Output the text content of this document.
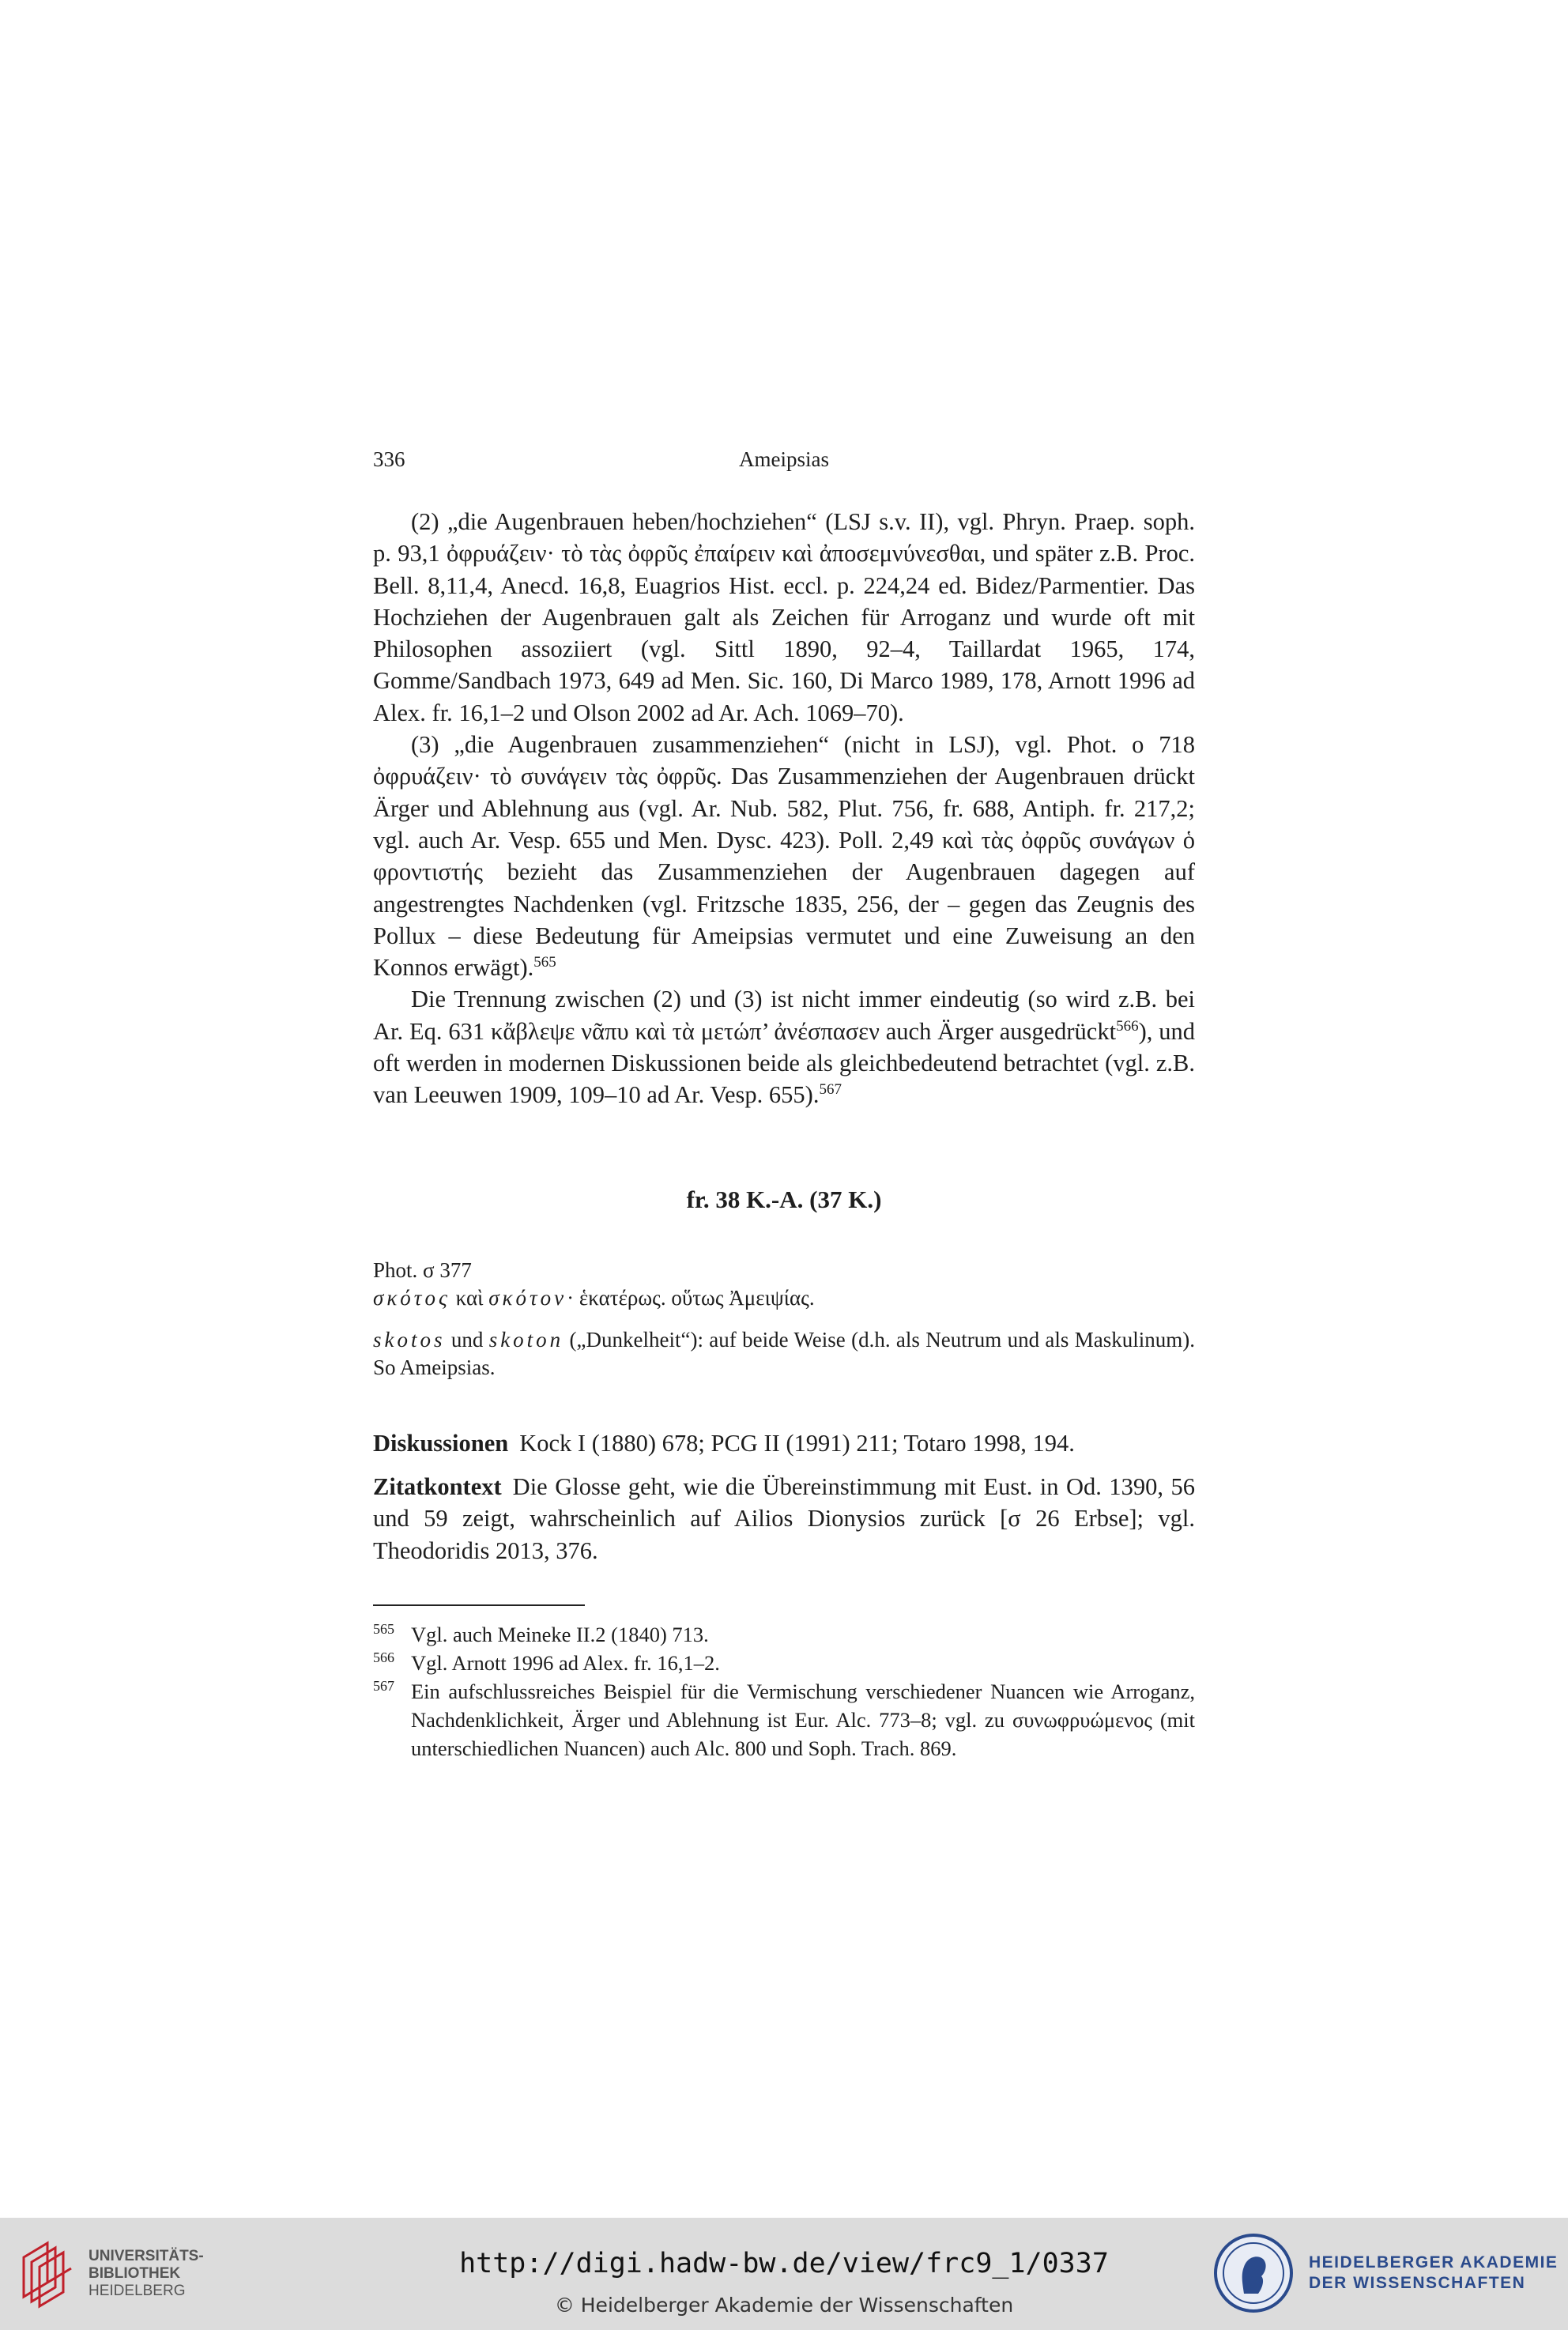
336	Ameipsias

(2) „die Augenbrauen heben/hochziehen“ (LSJ s.v. II), vgl. Phryn. Praep. soph. p. 93,1 ὀφρυάζειν· τὸ τὰς ὀφρῦς ἐπαίρειν καὶ ἀποσεμνύνεσθαι, und später z.B. Proc. Bell. 8,11,4, Anecd. 16,8, Euagrios Hist. eccl. p. 224,24 ed. Bidez/Parmentier. Das Hochziehen der Augenbrauen galt als Zeichen für Arroganz und wurde oft mit Philosophen assoziiert (vgl. Sittl 1890, 92–4, Taillardat 1965, 174, Gomme/Sandbach 1973, 649 ad Men. Sic. 160, Di Marco 1989, 178, Arnott 1996 ad Alex. fr. 16,1–2 und Olson 2002 ad Ar. Ach. 1069–70).

(3) „die Augenbrauen zusammenziehen“ (nicht in LSJ), vgl. Phot. ο 718 ὀφρυάζειν· τὸ συνάγειν τὰς ὀφρῦς. Das Zusammenziehen der Augenbrauen drückt Ärger und Ablehnung aus (vgl. Ar. Nub. 582, Plut. 756, fr. 688, Antiph. fr. 217,2; vgl. auch Ar. Vesp. 655 und Men. Dysc. 423). Poll. 2,49 καὶ τὰς ὀφρῦς συνάγων ὁ φροντιστής bezieht das Zusammenziehen der Augenbrauen dagegen auf angestrengtes Nachdenken (vgl. Fritzsche 1835, 256, der – gegen das Zeugnis des Pollux – diese Bedeutung für Ameipsias vermutet und eine Zuweisung an den Konnos erwägt).$^{565}$

Die Trennung zwischen (2) und (3) ist nicht immer eindeutig (so wird z.B. bei Ar. Eq. 631 κἄβλεψε νᾶπυ καὶ τὰ μετώπ’ ἀνέσπασεν auch Ärger ausgedrückt$^{566}$), und oft werden in modernen Diskussionen beide als gleichbedeutend betrachtet (vgl. z.B. van Leeuwen 1909, 109–10 ad Ar. Vesp. 655).$^{567}$

fr. 38 K.-A. (37 K.)

Phot. σ 377

σκότος καὶ σκότον· ἑκατέρως. οὕτως Ἀμειψίας.

skotos und skoton („Dunkelheit“): auf beide Weise (d.h. als Neutrum und als Maskulinum). So Ameipsias.

Diskussionen Kock I (1880) 678; PCG II (1991) 211; Totaro 1998, 194.

Zitatkontext Die Glosse geht, wie die Übereinstimmung mit Eust. in Od. 1390, 56 und 59 zeigt, wahrscheinlich auf Ailios Dionysios zurück [σ 26 Erbse]; vgl. Theodoridis 2013, 376.

565 Vgl. auch Meineke II.2 (1840) 713.
566 Vgl. Arnott 1996 ad Alex. fr. 16,1–2.
567 Ein aufschlussreiches Beispiel für die Vermischung verschiedener Nuancen wie Arroganz, Nachdenklichkeit, Ärger und Ablehnung ist Eur. Alc. 773–8; vgl. zu συνωφρυώμενος (mit unterschiedlichen Nuancen) auch Alc. 800 und Soph. Trach. 869.
UNIVERSITÄTS-
BIBLIOTHEK
HEIDELBERG
http://digi.hadw-bw.de/view/frc9_1/0337
© Heidelberger Akademie der Wissenschaften
HEIDELBERGER AKADEMIE
DER WISSENSCHAFTEN
